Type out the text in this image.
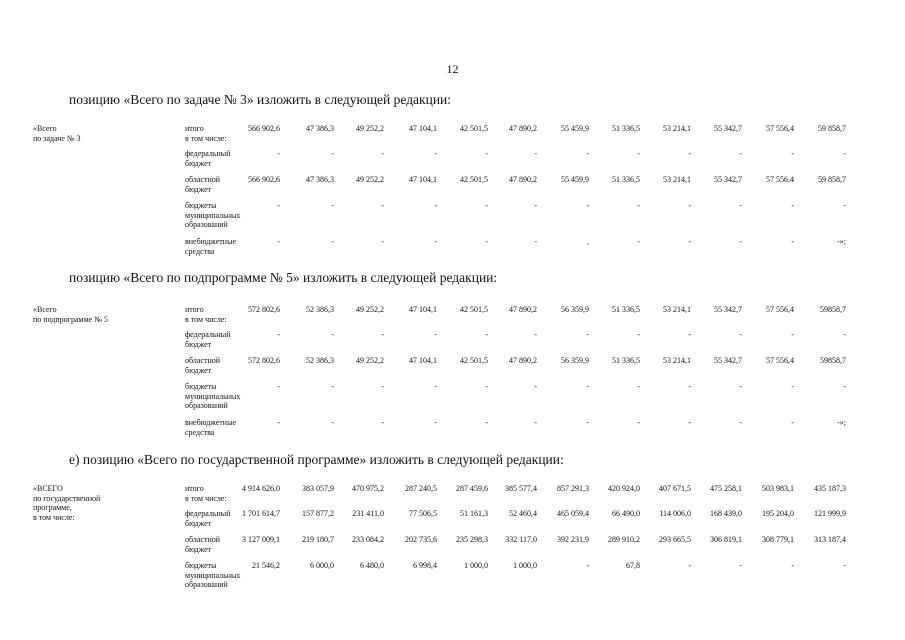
12
позицию «Всего по задаче № 3» изложить в следующей редакции:
«Всего
по задаче № 3
итого
в том числе:
566 902,6	47 386,3	49 252,2	47 104,1	42 501,5	47 890,2	55 459,9	51 336,5	53 214,1	55 342,7	57 556,4	59 858,7
федеральный
бюджет
-	-	-	-	-	-	-	-	-	-	-	-
областной
бюджет
566 902,6	47 386,3	49 252,2	47 104,1	42 501,5	47 890,2	55 459,9	51 336,5	53 214,1	55 342,7	57 556,4	59 858,7
бюджеты
муниципальных
образований
-	-	-	-	-	-	-	-	-	-	-	-
внебюджетные
средства
-	-	-	-	-	-	,	-	-	-	-	-»;
позицию «Всего по подпрограмме № 5» изложить в следующей редакции:
«Всего
по подпрограмме № 5
итого
в том числе:
572 802,6	52 386,3	49 252,2	47 104,1	42 501,5	47 890,2	56 359,9	51 336,5	53 214,1	55 342,7	57 556,4	59858,7
федеральный
бюджет
-	-	-	-	-	-	-	-	-	-	-	-
областной
бюджет
572 802,6	52 386,3	49 252,2	47 104,1	42 501,5	47 890,2	56 359,9	51 336,5	53 214,1	55 342,7	57 556,4	59858,7
бюджеты
муниципальных
образований
-	-	-	-	-	-	-	-	-	-	-	-
внебюджетные
средства
-	-	-	-	-	-	-	-	-	-	-	-»;
е) позицию «Всего по государственной программе» изложить в следующей редакции:
«ВСЕГО
по государственной
программе,
в том числе:
итого
в том числе:
4 914 626,0	383 057,9	470 975,2	287 240,5	287 459,6	385 577,4	857 291,3	420 924,0	407 671,5	475 258,1	503 983,1	435 187,3
федеральный
бюджет
1 701 614,7	157 877,2	231 411,0	77 506,5	51 161,3	52 460,4	465 059,4	66 490,0	114 006,0	168 439,0	195 204,0	121 999,9
областной
бюджет
3 127 009,1	219 180,7	233 084,2	202 735,6	235 298,3	332 117,0	392 231,9	289 910,2	293 665,5	306 819,1	308 779,1	313 187,4
бюджеты
муниципальных
образований
21 546,2	6 000,0	6 480,0	6 998,4	1 000,0	1 000,0	-	67,8	-	-	-	-
